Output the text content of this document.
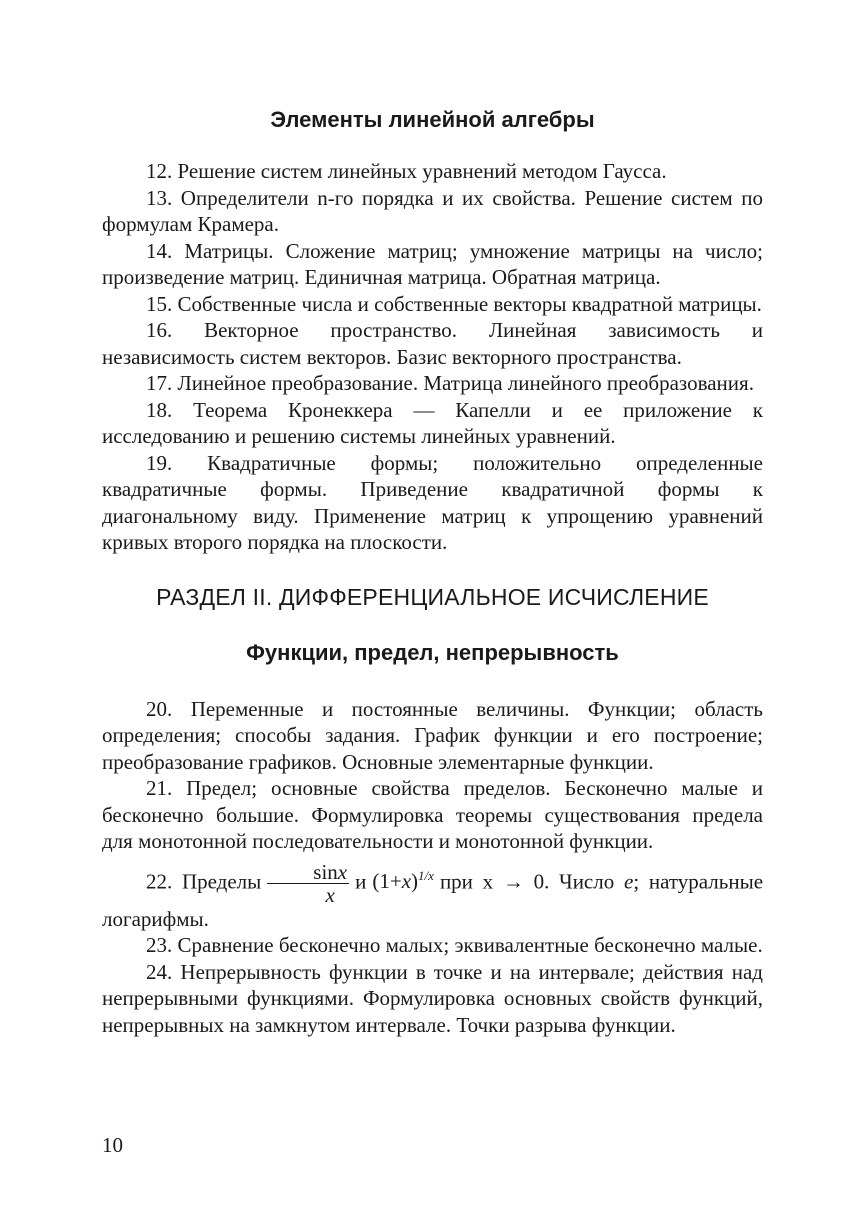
Элементы линейной алгебры

12. Решение систем линейных уравнений методом Гаусса.

13. Определители n-го порядка и их свойства. Решение систем по формулам Крамера.

14. Матрицы. Сложение матриц; умножение матрицы на число; произведение матриц. Единичная матрица. Обратная матрица.

15. Собственные числа и собственные векторы квадратной матрицы.

16. Векторное пространство. Линейная зависимость и независимость систем векторов. Базис векторного пространства.

17. Линейное преобразование. Матрица линейного преобразования.

18. Теорема Кронеккера — Капелли и ее приложение к исследованию и решению системы линейных уравнений.

19. Квадратичные формы; положительно определенные квадратичные формы. Приведение квадратичной формы к диагональному виду. Применение матриц к упрощению уравнений кривых второго порядка на плоскости.

РАЗДЕЛ II. ДИФФЕРЕНЦИАЛЬНОЕ ИСЧИСЛЕНИЕ
Функции, предел, непрерывность

20. Переменные и постоянные величины. Функции; область определения; способы задания. График функции и его построение; преобразование графиков. Основные элементарные функции.

21. Предел; основные свойства пределов. Бесконечно малые и бесконечно большие. Формулировка теоремы существования предела для монотонной последовательности и монотонной функции.

22. Пределы $\frac{\sin x}{x}$ и $(1+x)^{1/x}$ при x → 0. Число e; натуральные логарифмы.

23. Сравнение бесконечно малых; эквивалентные бесконечно малые.

24. Непрерывность функции в точке и на интервале; действия над непрерывными функциями. Формулировка основных свойств функций, непрерывных на замкнутом интервале. Точки разрыва функции.

10
